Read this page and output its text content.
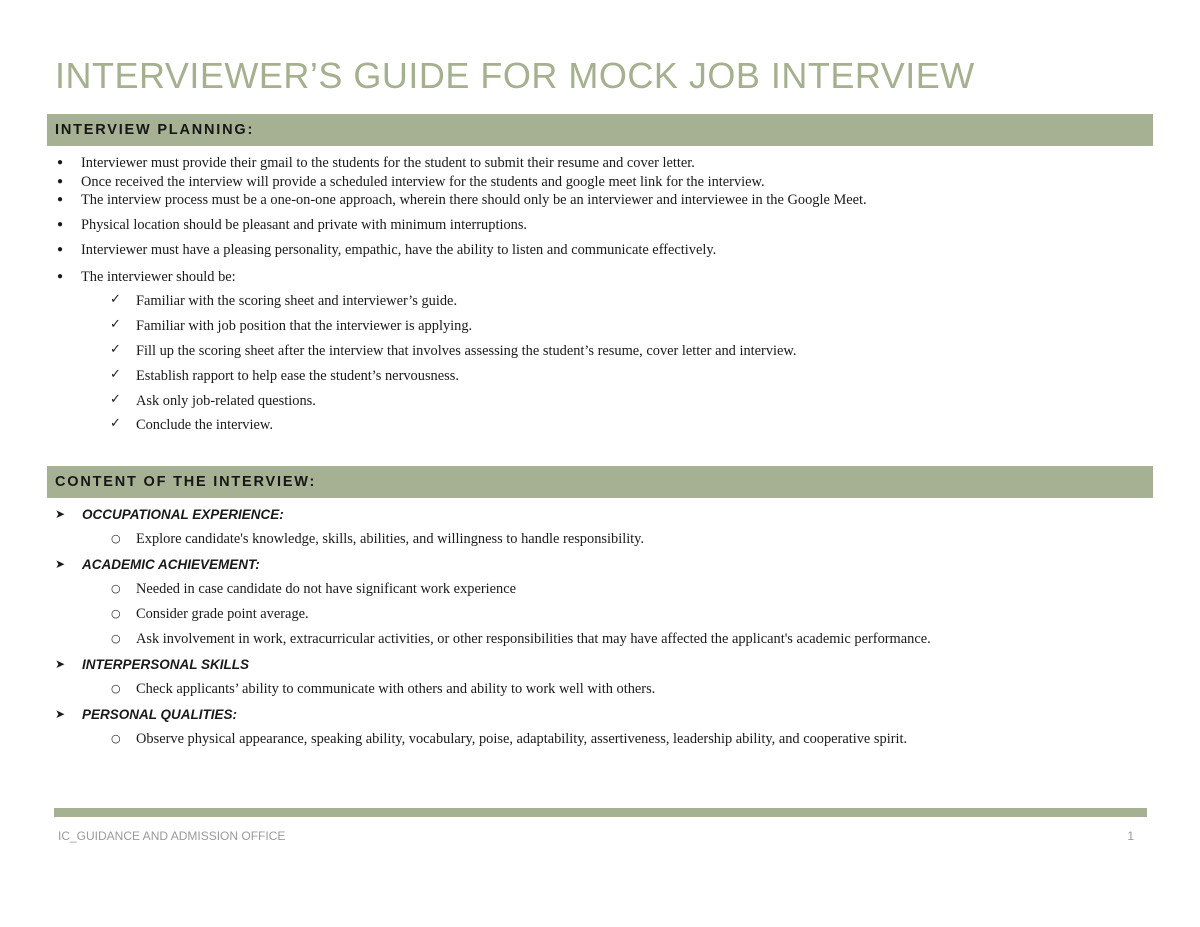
INTERVIEWER’S GUIDE FOR MOCK JOB INTERVIEW
INTERVIEW PLANNING:
● Interviewer must provide their gmail to the students for the student to submit their resume and cover letter.
● Once received the interview will provide a scheduled interview for the students and google meet link for the interview.
● The interview process must be a one-on-one approach, wherein there should only be an interviewer and interviewee in the Google Meet.
● Physical location should be pleasant and private with minimum interruptions.
● Interviewer must have a pleasing personality, empathic, have the ability to listen and communicate effectively.
● The interviewer should be:
✓ Familiar with the scoring sheet and interviewer’s guide.
✓ Familiar with job position that the interviewer is applying.
✓ Fill up the scoring sheet after the interview that involves assessing the student’s resume, cover letter and interview.
✓ Establish rapport to help ease the student’s nervousness.
✓ Ask only job-related questions.
✓ Conclude the interview.
CONTENT OF THE INTERVIEW:
➤ OCCUPATIONAL EXPERIENCE:
○ Explore candidate's knowledge, skills, abilities, and willingness to handle responsibility.
➤ ACADEMIC ACHIEVEMENT:
○ Needed in case candidate do not have significant work experience
○ Consider grade point average.
○ Ask involvement in work, extracurricular activities, or other responsibilities that may have affected the applicant's academic performance.
➤ INTERPERSONAL SKILLS
○ Check applicants’ ability to communicate with others and ability to work well with others.
➤ PERSONAL QUALITIES:
○ Observe physical appearance, speaking ability, vocabulary, poise, adaptability, assertiveness, leadership ability, and cooperative spirit.
IC_GUIDANCE AND ADMISSION OFFICE	1
